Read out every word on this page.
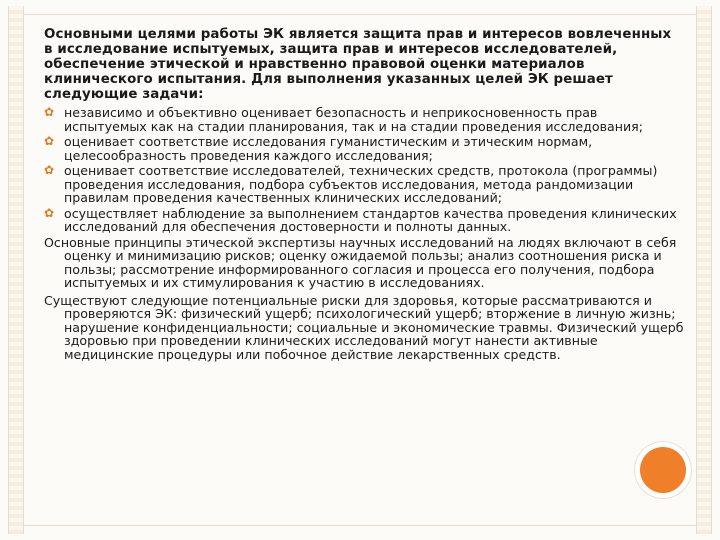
Основными целями работы ЭК является защита прав и интересов вовлеченных в исследование испытуемых, защита прав и интересов исследователей, обеспечение этической и нравственно правовой оценки материалов клинического испытания. Для выполнения указанных целей ЭК решает следующие задачи:

✿ независимо и объективно оценивает безопасность и неприкосновенность прав испытуемых как на стадии планирования, так и на стадии проведения исследования;
✿ оценивает соответствие исследования гуманистическим и этическим нормам, целесообразность проведения каждого исследования;
✿ оценивает соответствие исследователей, технических средств, протокола (программы) проведения исследования, подбора субъектов исследования, метода рандомизации правилам проведения качественных клинических исследований;
✿ осуществляет наблюдение за выполнением стандартов качества проведения клинических исследований для обеспечения достоверности и полноты данных.

Основные принципы этической экспертизы научных исследований на людях включают в себя оценку и минимизацию рисков; оценку ожидаемой пользы; анализ соотношения риска и пользы; рассмотрение информированного согласия и процесса его получения, подбора испытуемых и их стимулирования к участию в исследованиях.

Существуют следующие потенциальные риски для здоровья, которые рассматриваются и проверяются ЭК: физический ущерб; психологический ущерб; вторжение в личную жизнь; нарушение конфиденциальности; социальные и экономические травмы. Физический ущерб здоровью при проведении клинических исследований могут нанести активные медицинские процедуры или побочное действие лекарственных средств.
